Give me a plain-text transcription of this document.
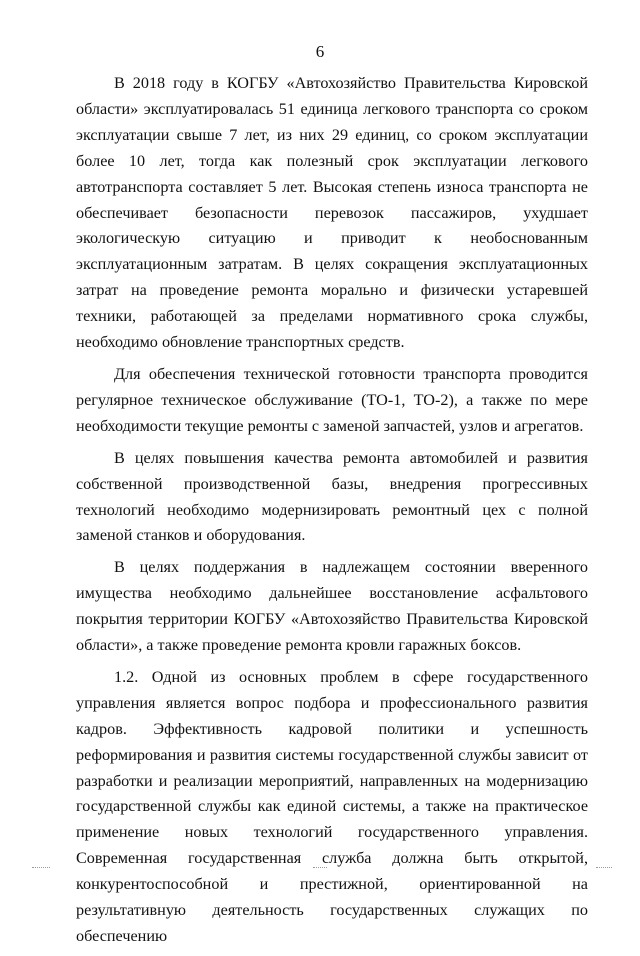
6

В 2018 году в КОГБУ «Автохозяйство Правительства Кировской области» эксплуатировалась 51 единица легкового транспорта со сроком эксплуатации свыше 7 лет, из них 29 единиц, со сроком эксплуатации более 10 лет, тогда как полезный срок эксплуатации легкового автотранспорта составляет 5 лет. Высокая степень износа транспорта не обеспечивает безопасности перевозок пассажиров, ухудшает экологическую ситуацию и приводит к необоснованным эксплуатационным затратам. В целях сокращения эксплуатационных затрат на проведение ремонта морально и физически устаревшей техники, работающей за пределами нормативного срока службы, необходимо обновление транспортных средств.

Для обеспечения технической готовности транспорта проводится регулярное техническое обслуживание (ТО-1, ТО-2), а также по мере необходимости текущие ремонты с заменой запчастей, узлов и агрегатов.

В целях повышения качества ремонта автомобилей и развития собственной производственной базы, внедрения прогрессивных технологий необходимо модернизировать ремонтный цех с полной заменой станков и оборудования.

В целях поддержания в надлежащем состоянии вверенного имущества необходимо дальнейшее восстановление асфальтового покрытия территории КОГБУ «Автохозяйство Правительства Кировской области», а также проведение ремонта кровли гаражных боксов.

1.2. Одной из основных проблем в сфере государственного управления является вопрос подбора и профессионального развития кадров. Эффективность кадровой политики и успешность реформирования и развития системы государственной службы зависит от разработки и реализации мероприятий, направленных на модернизацию государственной службы как единой системы, а также на практическое применение новых технологий государственного управления. Современная государственная служба должна быть открытой, конкурентоспособной и престижной, ориентированной на результативную деятельность государственных служащих по обеспечению
